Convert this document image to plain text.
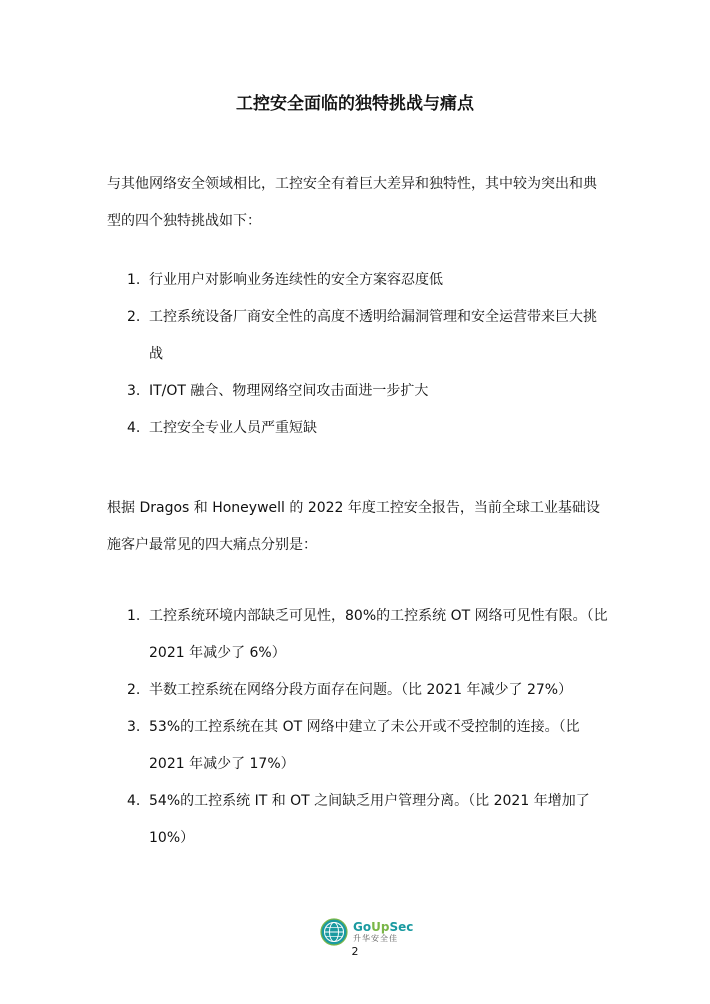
工控安全面临的独特挑战与痛点

与其他网络安全领域相比，工控安全有着巨大差异和独特性，其中较为突出和典型的四个独特挑战如下：

1. 行业用户对影响业务连续性的安全方案容忍度低
2. 工控系统设备厂商安全性的高度不透明给漏洞管理和安全运营带来巨大挑战
3. IT/OT 融合、物理网络空间攻击面进一步扩大
4. 工控安全专业人员严重短缺

根据 Dragos 和 Honeywell 的 2022 年度工控安全报告，当前全球工业基础设施客户最常见的四大痛点分别是：

1. 工控系统环境内部缺乏可见性，80%的工控系统 OT 网络可见性有限。（比 2021 年减少了 6%）
2. 半数工控系统在网络分段方面存在问题。（比 2021 年减少了 27%）
3. 53%的工控系统在其 OT 网络中建立了未公开或不受控制的连接。（比 2021 年减少了 17%）
4. 54%的工控系统 IT 和 OT 之间缺乏用户管理分离。（比 2021 年增加了 10%）
GoUpSec
升华安全佳
2
